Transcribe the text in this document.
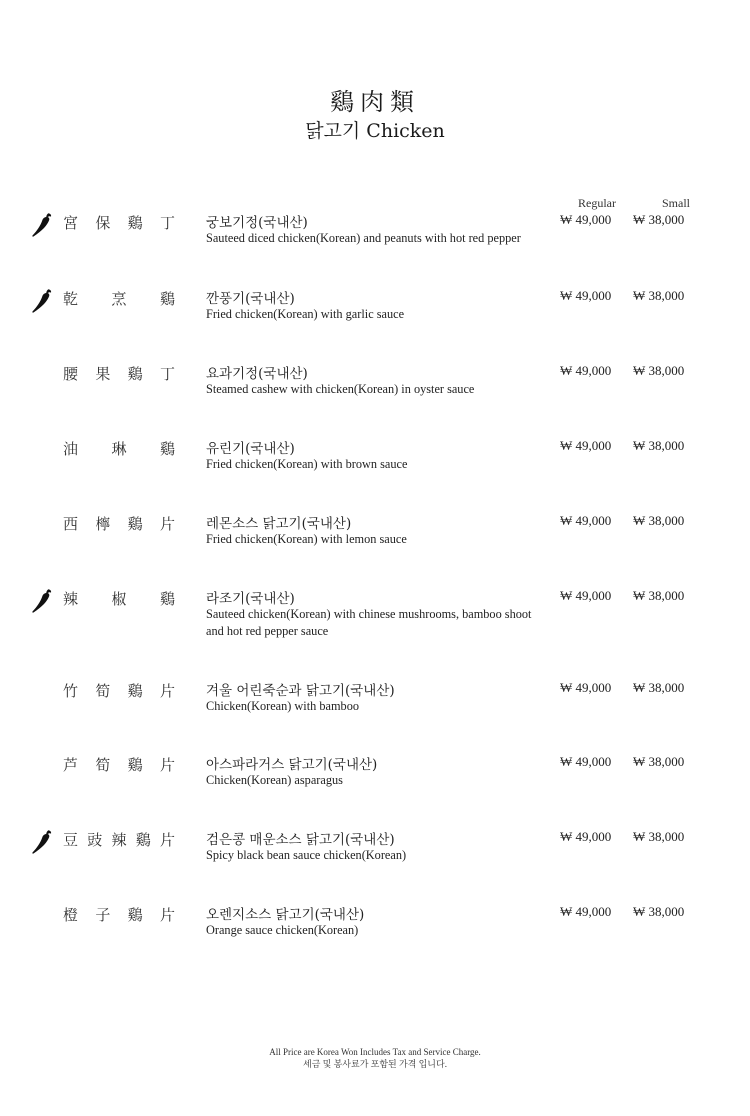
鷄肉類
닭고기 Chicken
Regular	Small
宮 保 鷄 丁 궁보기정(국내산)
Sauteed diced chicken(Korean) and peanuts with hot red pepper
₩ 49,000 ₩ 38,000
乾 烹 鷄 깐풍기(국내산)
Fried chicken(Korean) with garlic sauce
₩ 49,000 ₩ 38,000
腰 果 鷄 丁 요과기정(국내산)
Steamed cashew with chicken(Korean) in oyster sauce
₩ 49,000 ₩ 38,000
油 琳 鷄 유린기(국내산)
Fried chicken(Korean) with brown sauce
₩ 49,000 ₩ 38,000
西 檸 鷄 片 레몬소스 닭고기(국내산)
Fried chicken(Korean) with lemon sauce
₩ 49,000 ₩ 38,000
辣 椒 鷄 라조기(국내산)
Sauteed chicken(Korean) with chinese mushrooms, bamboo shoot and hot red pepper sauce
₩ 49,000 ₩ 38,000
竹 筍 鷄 片 겨울 어린죽순과 닭고기(국내산)
Chicken(Korean) with bamboo
₩ 49,000 ₩ 38,000
芦 筍 鷄 片 아스파라거스 닭고기(국내산)
Chicken(Korean) asparagus
₩ 49,000 ₩ 38,000
豆 豉 辣 鷄 片 검은콩 매운소스 닭고기(국내산)
Spicy black bean sauce chicken(Korean)
₩ 49,000 ₩ 38,000
橙 子 鷄 片 오렌지소스 닭고기(국내산)
Orange sauce chicken(Korean)
₩ 49,000 ₩ 38,000
All Price are Korea Won Includes Tax and Service Charge.
세금 및 봉사료가 포함된 가격 입니다.
